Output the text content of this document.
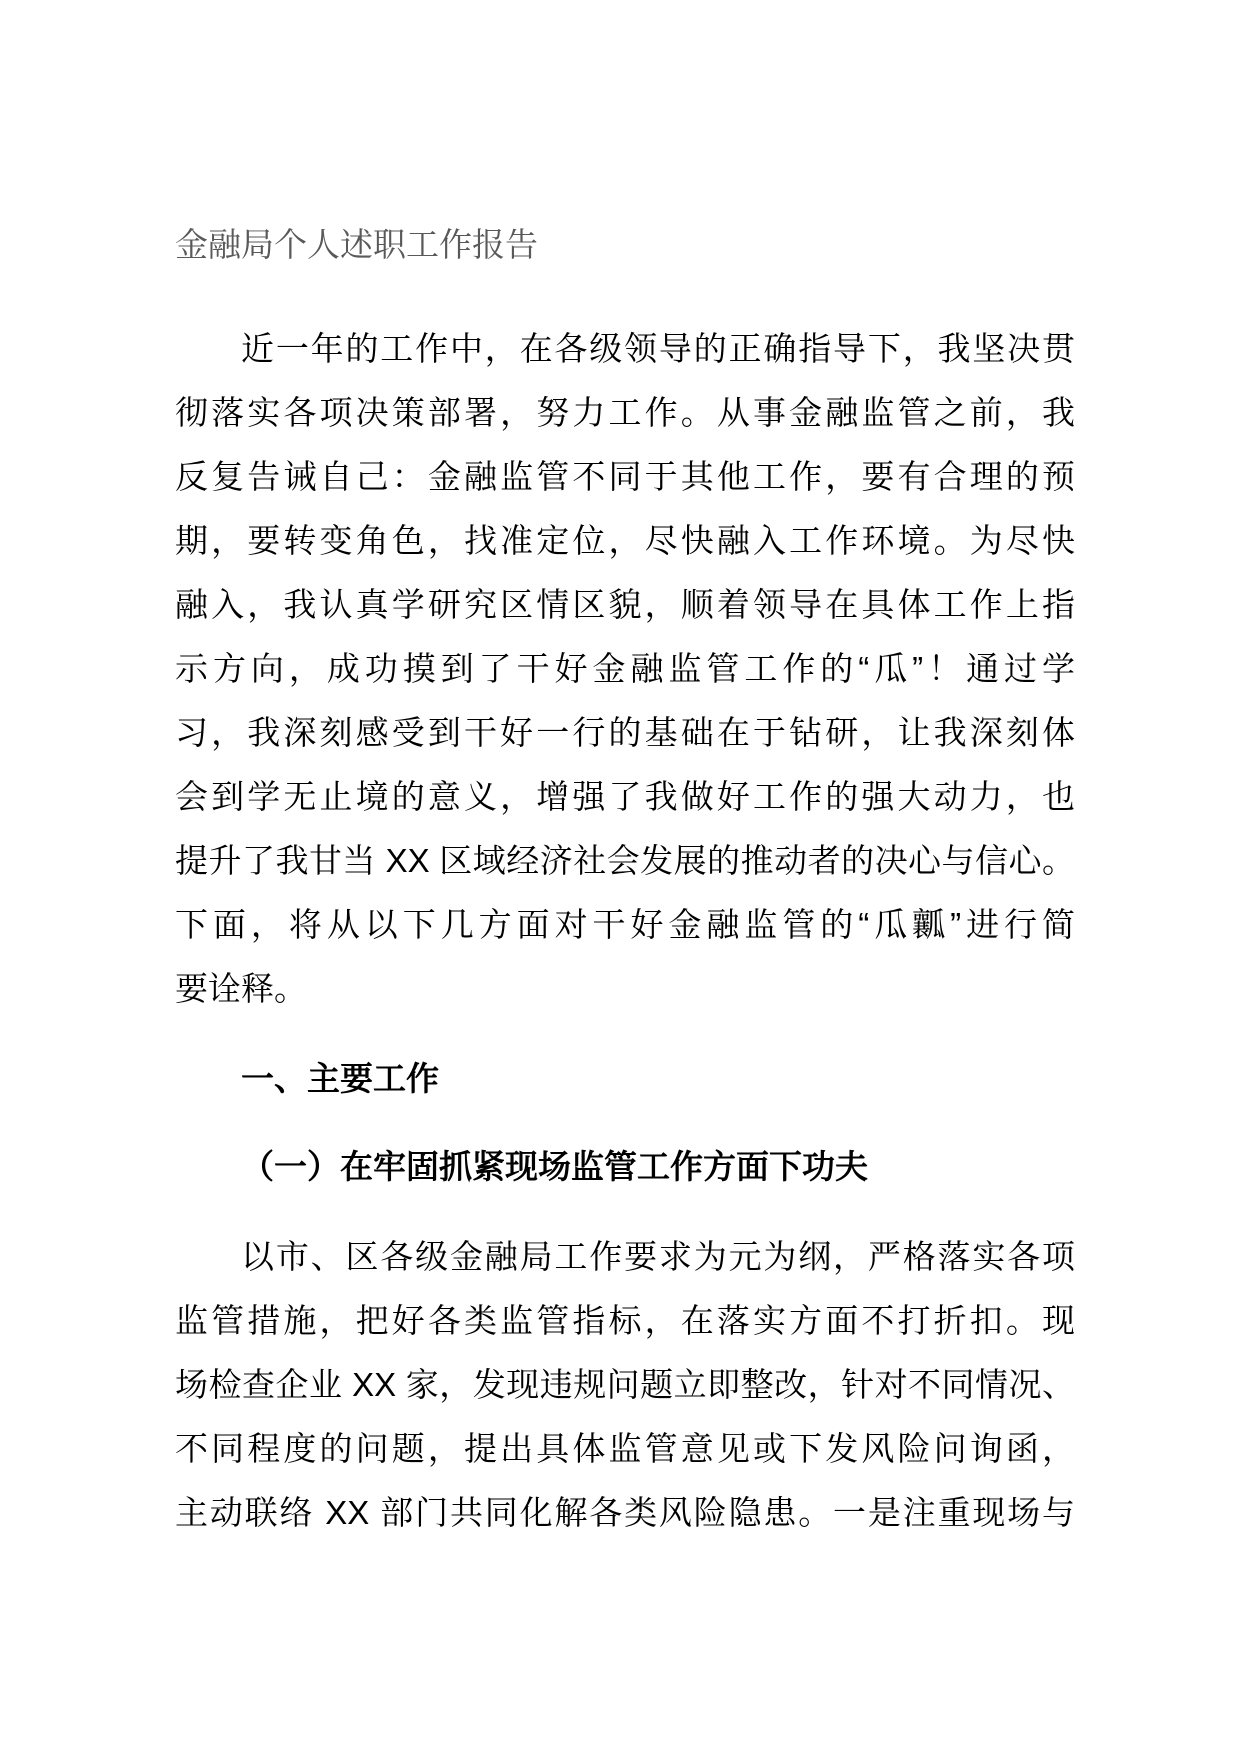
金融局个人述职工作报告
近一年的工作中，在各级领导的正确指导下，我坚决贯
彻落实各项决策部署，努力工作。从事金融监管之前，我
反复告诫自己：金融监管不同于其他工作，要有合理的预
期，要转变角色，找准定位，尽快融入工作环境。为尽快
融入，我认真学研究区情区貌，顺着领导在具体工作上指
示方向，成功摸到了干好金融监管工作的“瓜”！通过学
习，我深刻感受到干好一行的基础在于钻研，让我深刻体
会到学无止境的意义，增强了我做好工作的强大动力，也
提升了我甘当 XX 区域经济社会发展的推动者的决心与信心。
下面，将从以下几方面对干好金融监管的“瓜瓤”进行简
要诠释。
一、主要工作
（一）在牢固抓紧现场监管工作方面下功夫
以市、区各级金融局工作要求为元为纲，严格落实各项
监管措施，把好各类监管指标，在落实方面不打折扣。现
场检查企业 XX 家，发现违规问题立即整改，针对不同情况、
不同程度的问题，提出具体监管意见或下发风险问询函，
主动联络 XX 部门共同化解各类风险隐患。一是注重现场与
